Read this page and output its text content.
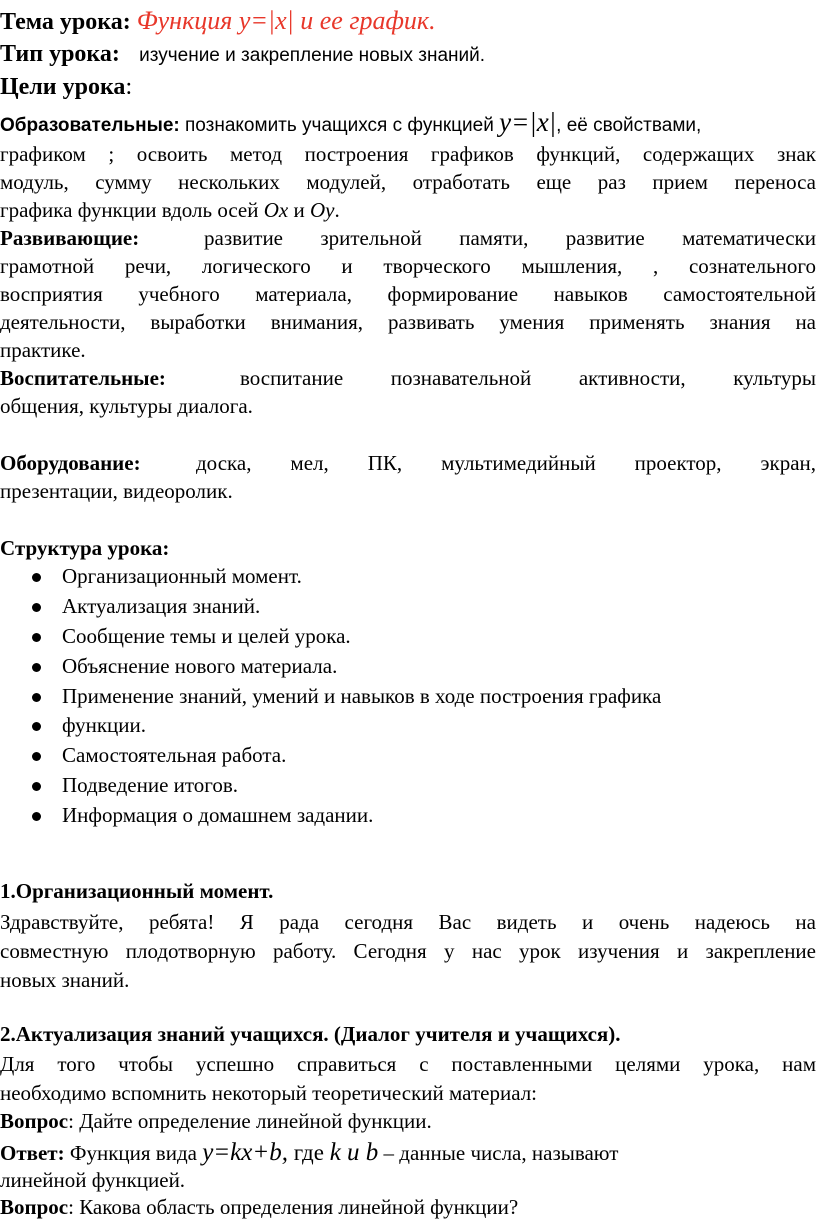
Тема урока: Функция y=|x| и ее график.
Тип урока: изучение и закрепление новых знаний.
Цели урока:
Образовательные: познакомить учащихся с функцией y=|x|, её свойствами,
графиком ; освоить метод построения графиков функций, содержащих знак
модуль, сумму нескольких модулей, отработать еще раз прием переноса
графика функции вдоль осей Ox и Oy.
Развивающие:	развитие зрительной памяти, развитие математически
грамотной речи, логического и творческого мышления, , сознательного
восприятия учебного материала, формирование навыков самостоятельной
деятельности, выработки внимания, развивать умения применять знания на
практике.
Воспитательные:	воспитание познавательной активности, культуры
общения, культуры диалога.
Оборудование:	доска, мел, ПК, мультимедийный проектор, экран,
презентации, видеоролик.
Структура урока:
Организационный момент.
Актуализация знаний.
Сообщение темы и целей урока.
Объяснение нового материала.
Применение знаний, умений и навыков в ходе построения графика
функции.
Самостоятельная работа.
Подведение итогов.
Информация о домашнем задании.
1.Организационный момент.
Здравствуйте, ребята! Я рада сегодня Вас видеть и очень надеюсь на
совместную плодотворную работу. Сегодня у нас урок изучения и закрепление
новых знаний.
2.Актуализация знаний учащихся. (Диалог учителя и учащихся).
Для того чтобы успешно справиться с поставленными целями урока, нам
необходимо вспомнить некоторый теоретический материал:
Вопрос: Дайте определение линейной функции.
Ответ: Функция вида y=kx+b, где k и b – данные числа, называют
линейной функцией.
Вопрос: Какова область определения линейной функции?
